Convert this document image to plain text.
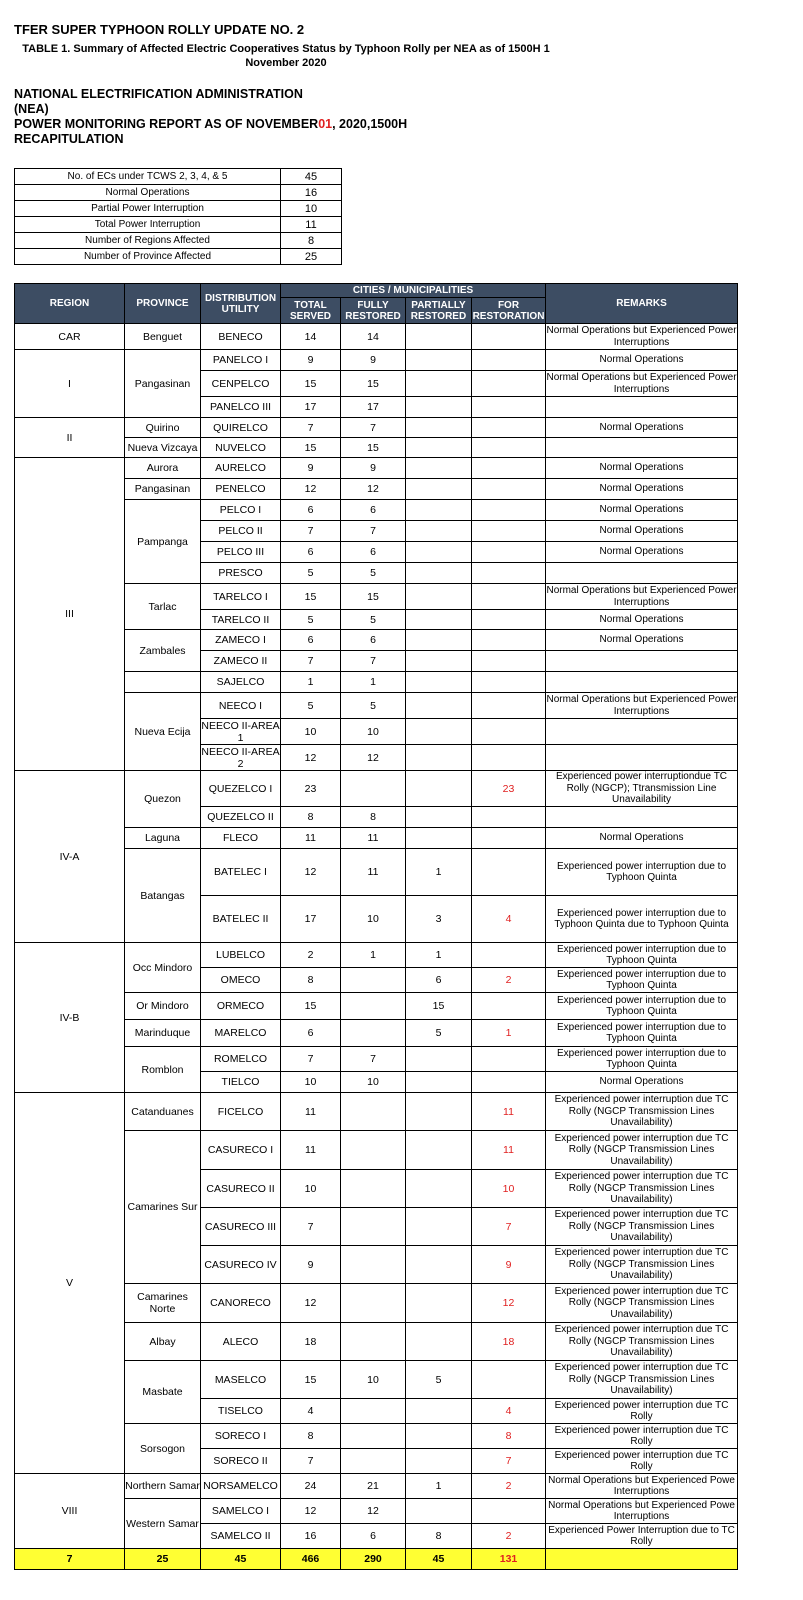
TFER SUPER TYPHOON ROLLY UPDATE NO. 2
TABLE 1. Summary of Affected Electric Cooperatives Status by Typhoon Rolly per NEA as of 1500H 1 November 2020
NATIONAL ELECTRIFICATION ADMINISTRATION
(NEA)
POWER MONITORING REPORT AS OF NOVEMBER01, 2020,1500H
RECAPITULATION
No. of ECs under TCWS 2, 3, 4, & 5	45
Normal Operations	16
Partial Power Interruption	10
Total Power Interruption	11
Number of Regions Affected	8
Number of Province Affected	25
REGION	PROVINCE	DISTRIBUTION UTILITY	CITIES / MUNICIPALITIES				REMARKS
			TOTAL SERVED	FULLY RESTORED	PARTIALLY RESTORED	FOR RESTORATION	
CAR	Benguet	BENECO	14	14			Normal Operations but Experienced Power Interruptions
I	Pangasinan	PANELCO I	9	9			Normal Operations
		CENPELCO	15	15			Normal Operations but Experienced Power Interruptions
		PANELCO III	17	17			
II	Quirino	QUIRELCO	7	7			Normal Operations
	Nueva Vizcaya	NUVELCO	15	15			
III	Aurora	AURELCO	9	9			Normal Operations
	Pangasinan	PENELCO	12	12			Normal Operations
	Pampanga	PELCO I	6	6			Normal Operations
		PELCO II	7	7			Normal Operations
		PELCO III	6	6			Normal Operations
		PRESCO	5	5			
	Tarlac	TARELCO I	15	15			Normal Operations but Experienced Power Interruptions
		TARELCO II	5	5			Normal Operations
	Zambales	ZAMECO I	6	6			Normal Operations
		ZAMECO II	7	7			
		SAJELCO	1	1			
	Nueva Ecija	NEECO I	5	5			Normal Operations but Experienced Power Interruptions
		NEECO II-AREA 1	10	10			
		NEECO II-AREA 2	12	12			
IV-A	Quezon	QUEZELCO I	23			23	Experienced power interruptiondue TC Rolly (NGCP); Ttransmission Line Unavailability
		QUEZELCO II	8	8			
	Laguna	FLECO	11	11			Normal Operations
	Batangas	BATELEC I	12	11	1		Experienced power interruption due to Typhoon Quinta
		BATELEC II	17	10	3	4	Experienced power interruption due to Typhoon Quinta due to Typhoon Quinta
IV-B	Occ Mindoro	LUBELCO	2	1	1		Experienced power interruption due to Typhoon Quinta
		OMECO	8		6	2	Experienced power interruption due to Typhoon Quinta
	Or Mindoro	ORMECO	15		15		Experienced power interruption due to Typhoon Quinta
	Marinduque	MARELCO	6		5	1	Experienced power interruption due to Typhoon Quinta
	Romblon	ROMELCO	7	7			Experienced power interruption due to Typhoon Quinta
		TIELCO	10	10			Normal Operations
V	Catanduanes	FICELCO	11			11	Experienced power interruption due TC Rolly (NGCP Transmission Lines Unavailability)
	Camarines Sur	CASURECO I	11			11	Experienced power interruption due TC Rolly (NGCP Transmission Lines Unavailability)
		CASURECO II	10			10	Experienced power interruption due TC Rolly (NGCP Transmission Lines Unavailability)
		CASURECO III	7			7	Experienced power interruption due TC Rolly (NGCP Transmission Lines Unavailability)
		CASURECO IV	9			9	Experienced power interruption due TC Rolly (NGCP Transmission Lines Unavailability)
	Camarines Norte	CANORECO	12			12	Experienced power interruption due TC Rolly (NGCP Transmission Lines Unavailability)
	Albay	ALECO	18			18	Experienced power interruption due TC Rolly (NGCP Transmission Lines Unavailability)
	Masbate	MASELCO	15	10	5		Experienced power interruption due TC Rolly (NGCP Transmission Lines Unavailability)
		TISELCO	4			4	Experienced power interruption due TC Rolly
	Sorsogon	SORECO I	8			8	Experienced power interruption due TC Rolly
		SORECO II	7			7	Experienced power interruption due TC Rolly
VIII	Northern Samar	NORSAMELCO	24	21	1	2	Normal Operations but Experienced Powe Interruptions
	Western Samar	SAMELCO I	12	12			Normal Operations but Experienced Powe Interruptions
		SAMELCO II	16	6	8	2	Experienced Power Interruption due to TC Rolly
7	25	45	466	290	45	131	
